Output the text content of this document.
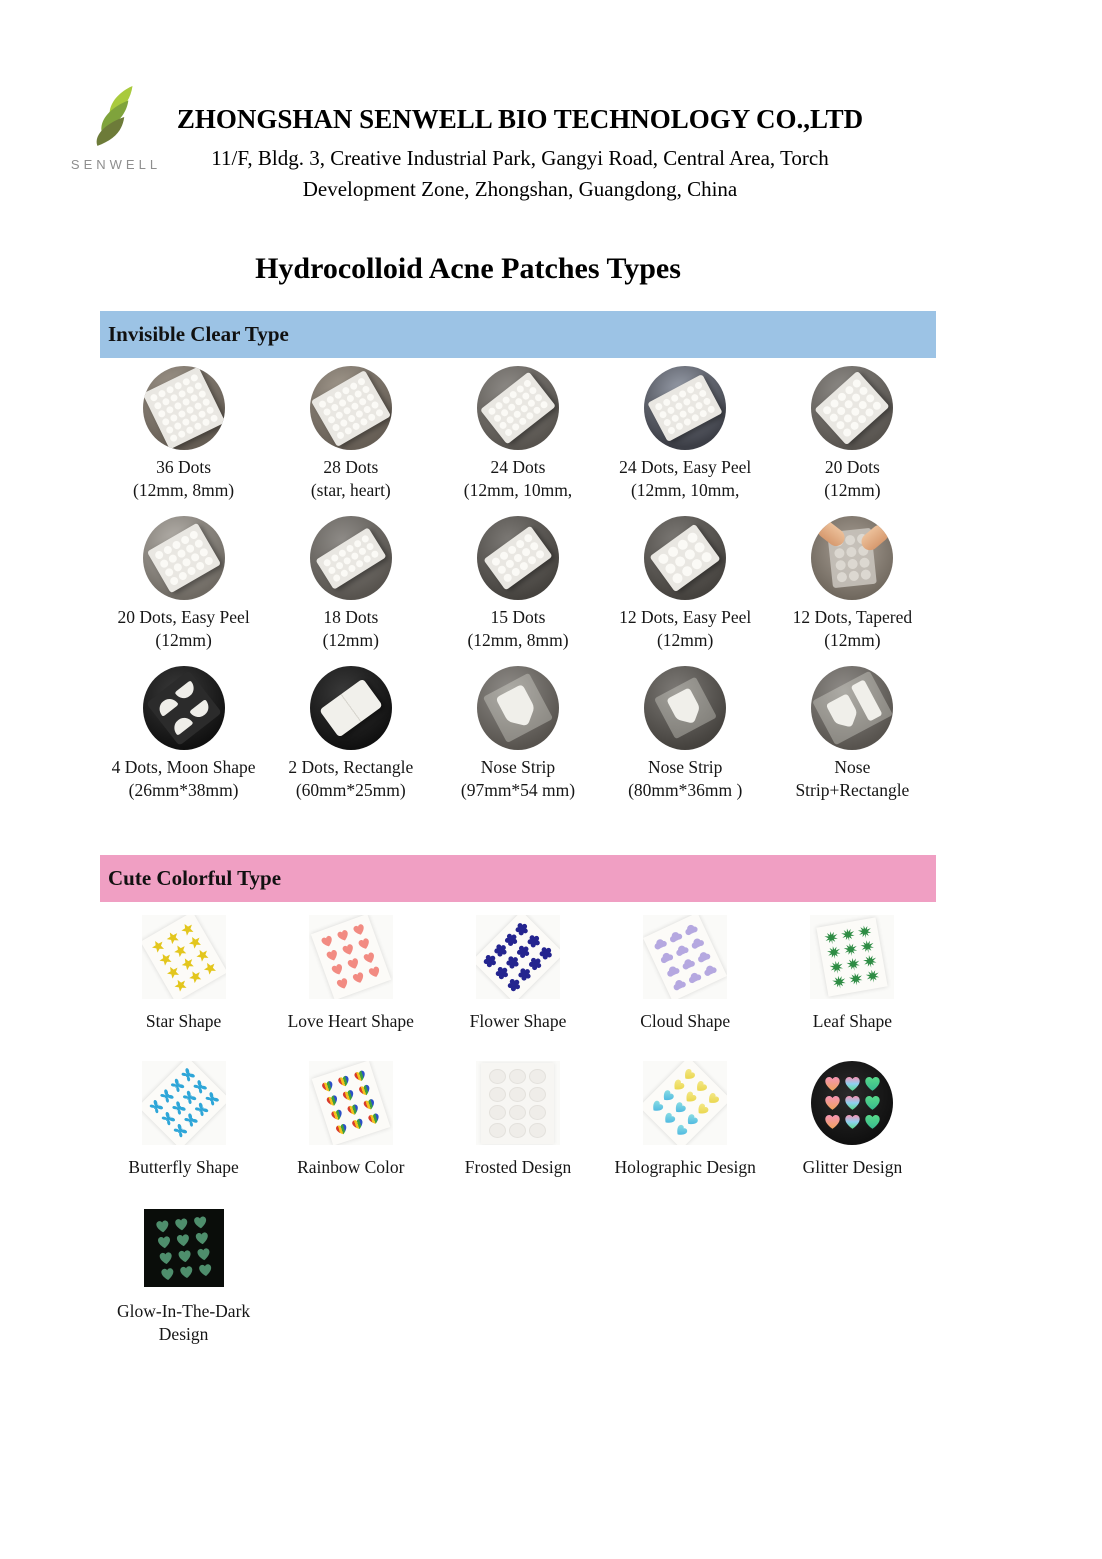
SENWELL
ZHONGSHAN SENWELL BIO TECHNOLOGY CO.,LTD
11/F, Bldg. 3, Creative Industrial Park, Gangyi Road, Central Area, Torch
Development Zone, Zhongshan, Guangdong, China
Hydrocolloid Acne Patches Types
Invisible Clear Type
36 Dots
(12mm, 8mm)
28 Dots
(star, heart)
24 Dots
(12mm, 10mm,
24 Dots, Easy Peel
(12mm, 10mm,
20 Dots
(12mm)
20 Dots, Easy Peel
(12mm)
18 Dots
(12mm)
15 Dots
(12mm, 8mm)
12 Dots, Easy Peel
(12mm)
12 Dots, Tapered
(12mm)
4 Dots, Moon Shape
(26mm*38mm)
2 Dots, Rectangle
(60mm*25mm)
Nose Strip
(97mm*54 mm)
Nose Strip
(80mm*36mm )
Nose
Strip+Rectangle
Cute Colorful Type
Star Shape	Love Heart Shape	Flower Shape	Cloud Shape	Leaf Shape
Butterfly Shape	Rainbow Color	Frosted Design Holographic Design	Glitter Design
Glow-In-The-Dark
Design
